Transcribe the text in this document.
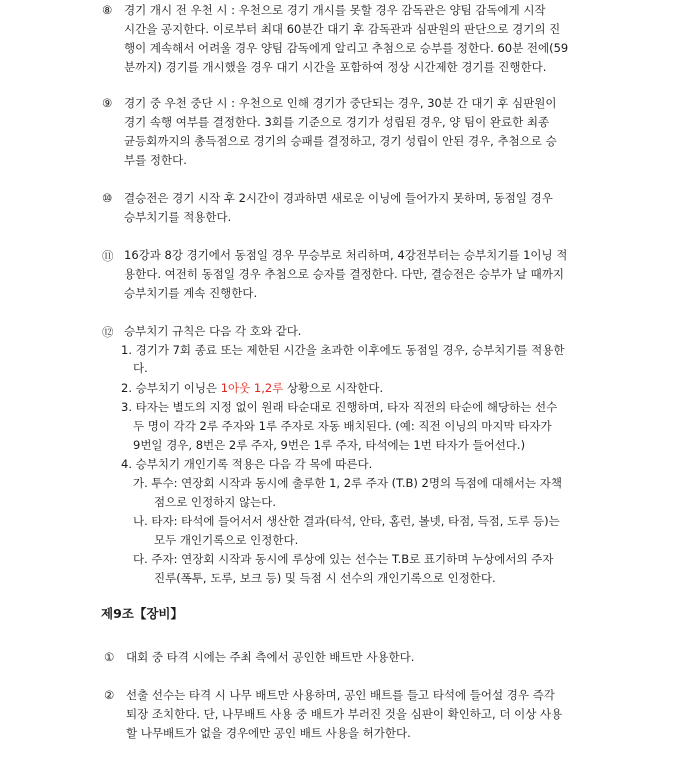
⑧ 경기 개시 전 우천 시 : 우천으로 경기 개시를 못할 경우 감독관은 양팀 감독에게 시작
시간을 공지한다. 이로부터 최대 60분간 대기 후 감독관과 심판원의 판단으로 경기의 진
행이 계속해서 어려울 경우 양팀 감독에게 알리고 추첨으로 승부를 정한다. 60분 전에(59
분까지) 경기를 개시했을 경우 대기 시간을 포함하여 정상 시간제한 경기를 진행한다.
⑨ 경기 중 우천 중단 시 : 우천으로 인해 경기가 중단되는 경우, 30분 간 대기 후 심판원이
경기 속행 여부를 결정한다. 3회를 기준으로 경기가 성립된 경우, 양 팀이 완료한 최종
균등회까지의 총득점으로 경기의 승패를 결정하고, 경기 성립이 안된 경우, 추첨으로 승
부를 정한다.
⑩ 결승전은 경기 시작 후 2시간이 경과하면 새로운 이닝에 들어가지 못하며, 동점일 경우
승부치기를 적용한다.
⑪ 16강과 8강 경기에서 동점일 경우 무승부로 처리하며, 4강전부터는 승부치기를 1이닝 적
용한다. 여전히 동점일 경우 추첨으로 승자를 결정한다. 다만, 결승전은 승부가 날 때까지
승부치기를 계속 진행한다.
⑫ 승부치기 규칙은 다음 각 호와 같다.
1. 경기가 7회 종료 또는 제한된 시간을 초과한 이후에도 동점일 경우, 승부치기를 적용한
다.
2. 승부치기 이닝은 1아웃 1,2루 상황으로 시작한다.
3. 타자는 별도의 지정 없이 원래 타순대로 진행하며, 타자 직전의 타순에 해당하는 선수
두 명이 각각 2루 주자와 1루 주자로 자동 배치된다. (예: 직전 이닝의 마지막 타자가
9번일 경우, 8번은 2루 주자, 9번은 1루 주자, 타석에는 1번 타자가 들어선다.)
4. 승부치기 개인기록 적용은 다음 각 목에 따른다.
가. 투수: 연장회 시작과 동시에 출루한 1, 2루 주자 (T.B) 2명의 득점에 대해서는 자책
점으로 인정하지 않는다.
나. 타자: 타석에 들어서서 생산한 결과(타석, 안타, 홈런, 볼넷, 타점, 득점, 도루 등)는
모두 개인기록으로 인정한다.
다. 주자: 연장회 시작과 동시에 루상에 있는 선수는 T.B로 표기하며 누상에서의 주자
진루(폭투, 도루, 보크 등) 및 득점 시 선수의 개인기록으로 인정한다.
제9조【장비】
① 대회 중 타격 시에는 주최 측에서 공인한 배트만 사용한다.
② 선출 선수는 타격 시 나무 배트만 사용하며, 공인 배트를 들고 타석에 들어설 경우 즉각
퇴장 조치한다. 단, 나무배트 사용 중 배트가 부러진 것을 심판이 확인하고, 더 이상 사용
할 나무배트가 없을 경우에만 공인 배트 사용을 허가한다.
